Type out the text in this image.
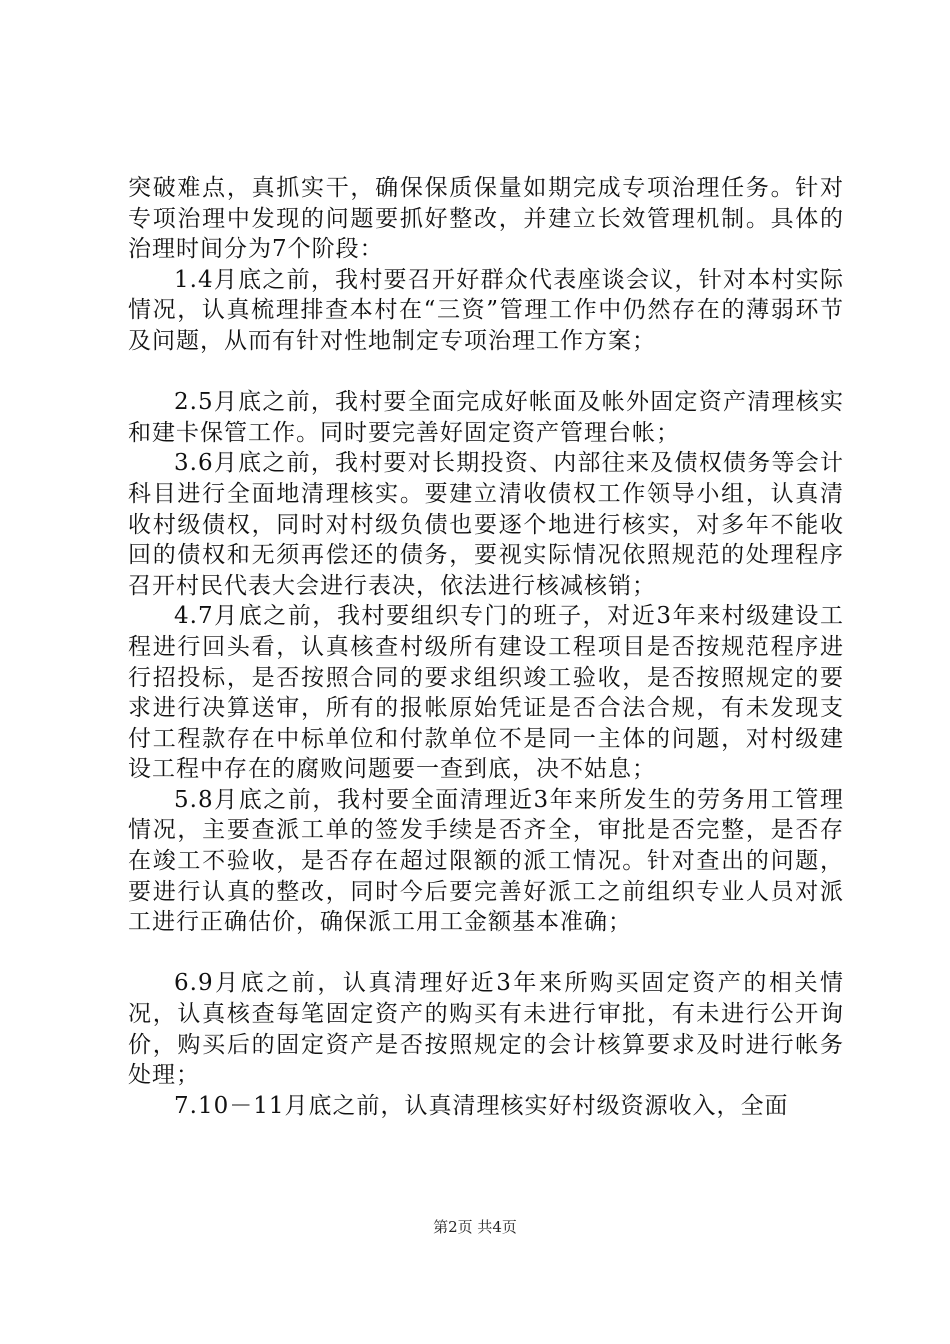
突破难点，真抓实干，确保保质保量如期完成专项治理任务。针对专项治理中发现的问题要抓好整改，并建立长效管理机制。具体的治理时间分为7个阶段：

1.4月底之前，我村要召开好群众代表座谈会议，针对本村实际情况，认真梳理排查本村在“三资”管理工作中仍然存在的薄弱环节及问题，从而有针对性地制定专项治理工作方案；

2.5月底之前，我村要全面完成好帐面及帐外固定资产清理核实和建卡保管工作。同时要完善好固定资产管理台帐；

3.6月底之前，我村要对长期投资、内部往来及债权债务等会计科目进行全面地清理核实。要建立清收债权工作领导小组，认真清收村级债权，同时对村级负债也要逐个地进行核实，对多年不能收回的债权和无须再偿还的债务，要视实际情况依照规范的处理程序召开村民代表大会进行表决，依法进行核减核销；

4.7月底之前，我村要组织专门的班子，对近3年来村级建设工程进行回头看，认真核查村级所有建设工程项目是否按规范程序进行招投标，是否按照合同的要求组织竣工验收，是否按照规定的要求进行决算送审，所有的报帐原始凭证是否合法合规，有未发现支付工程款存在中标单位和付款单位不是同一主体的问题，对村级建设工程中存在的腐败问题要一查到底，决不姑息；

5.8月底之前，我村要全面清理近3年来所发生的劳务用工管理情况，主要查派工单的签发手续是否齐全，审批是否完整，是否存在竣工不验收，是否存在超过限额的派工情况。针对查出的问题，要进行认真的整改，同时今后要完善好派工之前组织专业人员对派工进行正确估价，确保派工用工金额基本准确；

6.9月底之前，认真清理好近3年来所购买固定资产的相关情况，认真核查每笔固定资产的购买有未进行审批，有未进行公开询价，购买后的固定资产是否按照规定的会计核算要求及时进行帐务处理；

7.10－11月底之前，认真清理核实好村级资源收入，全面

第2页 共4页
